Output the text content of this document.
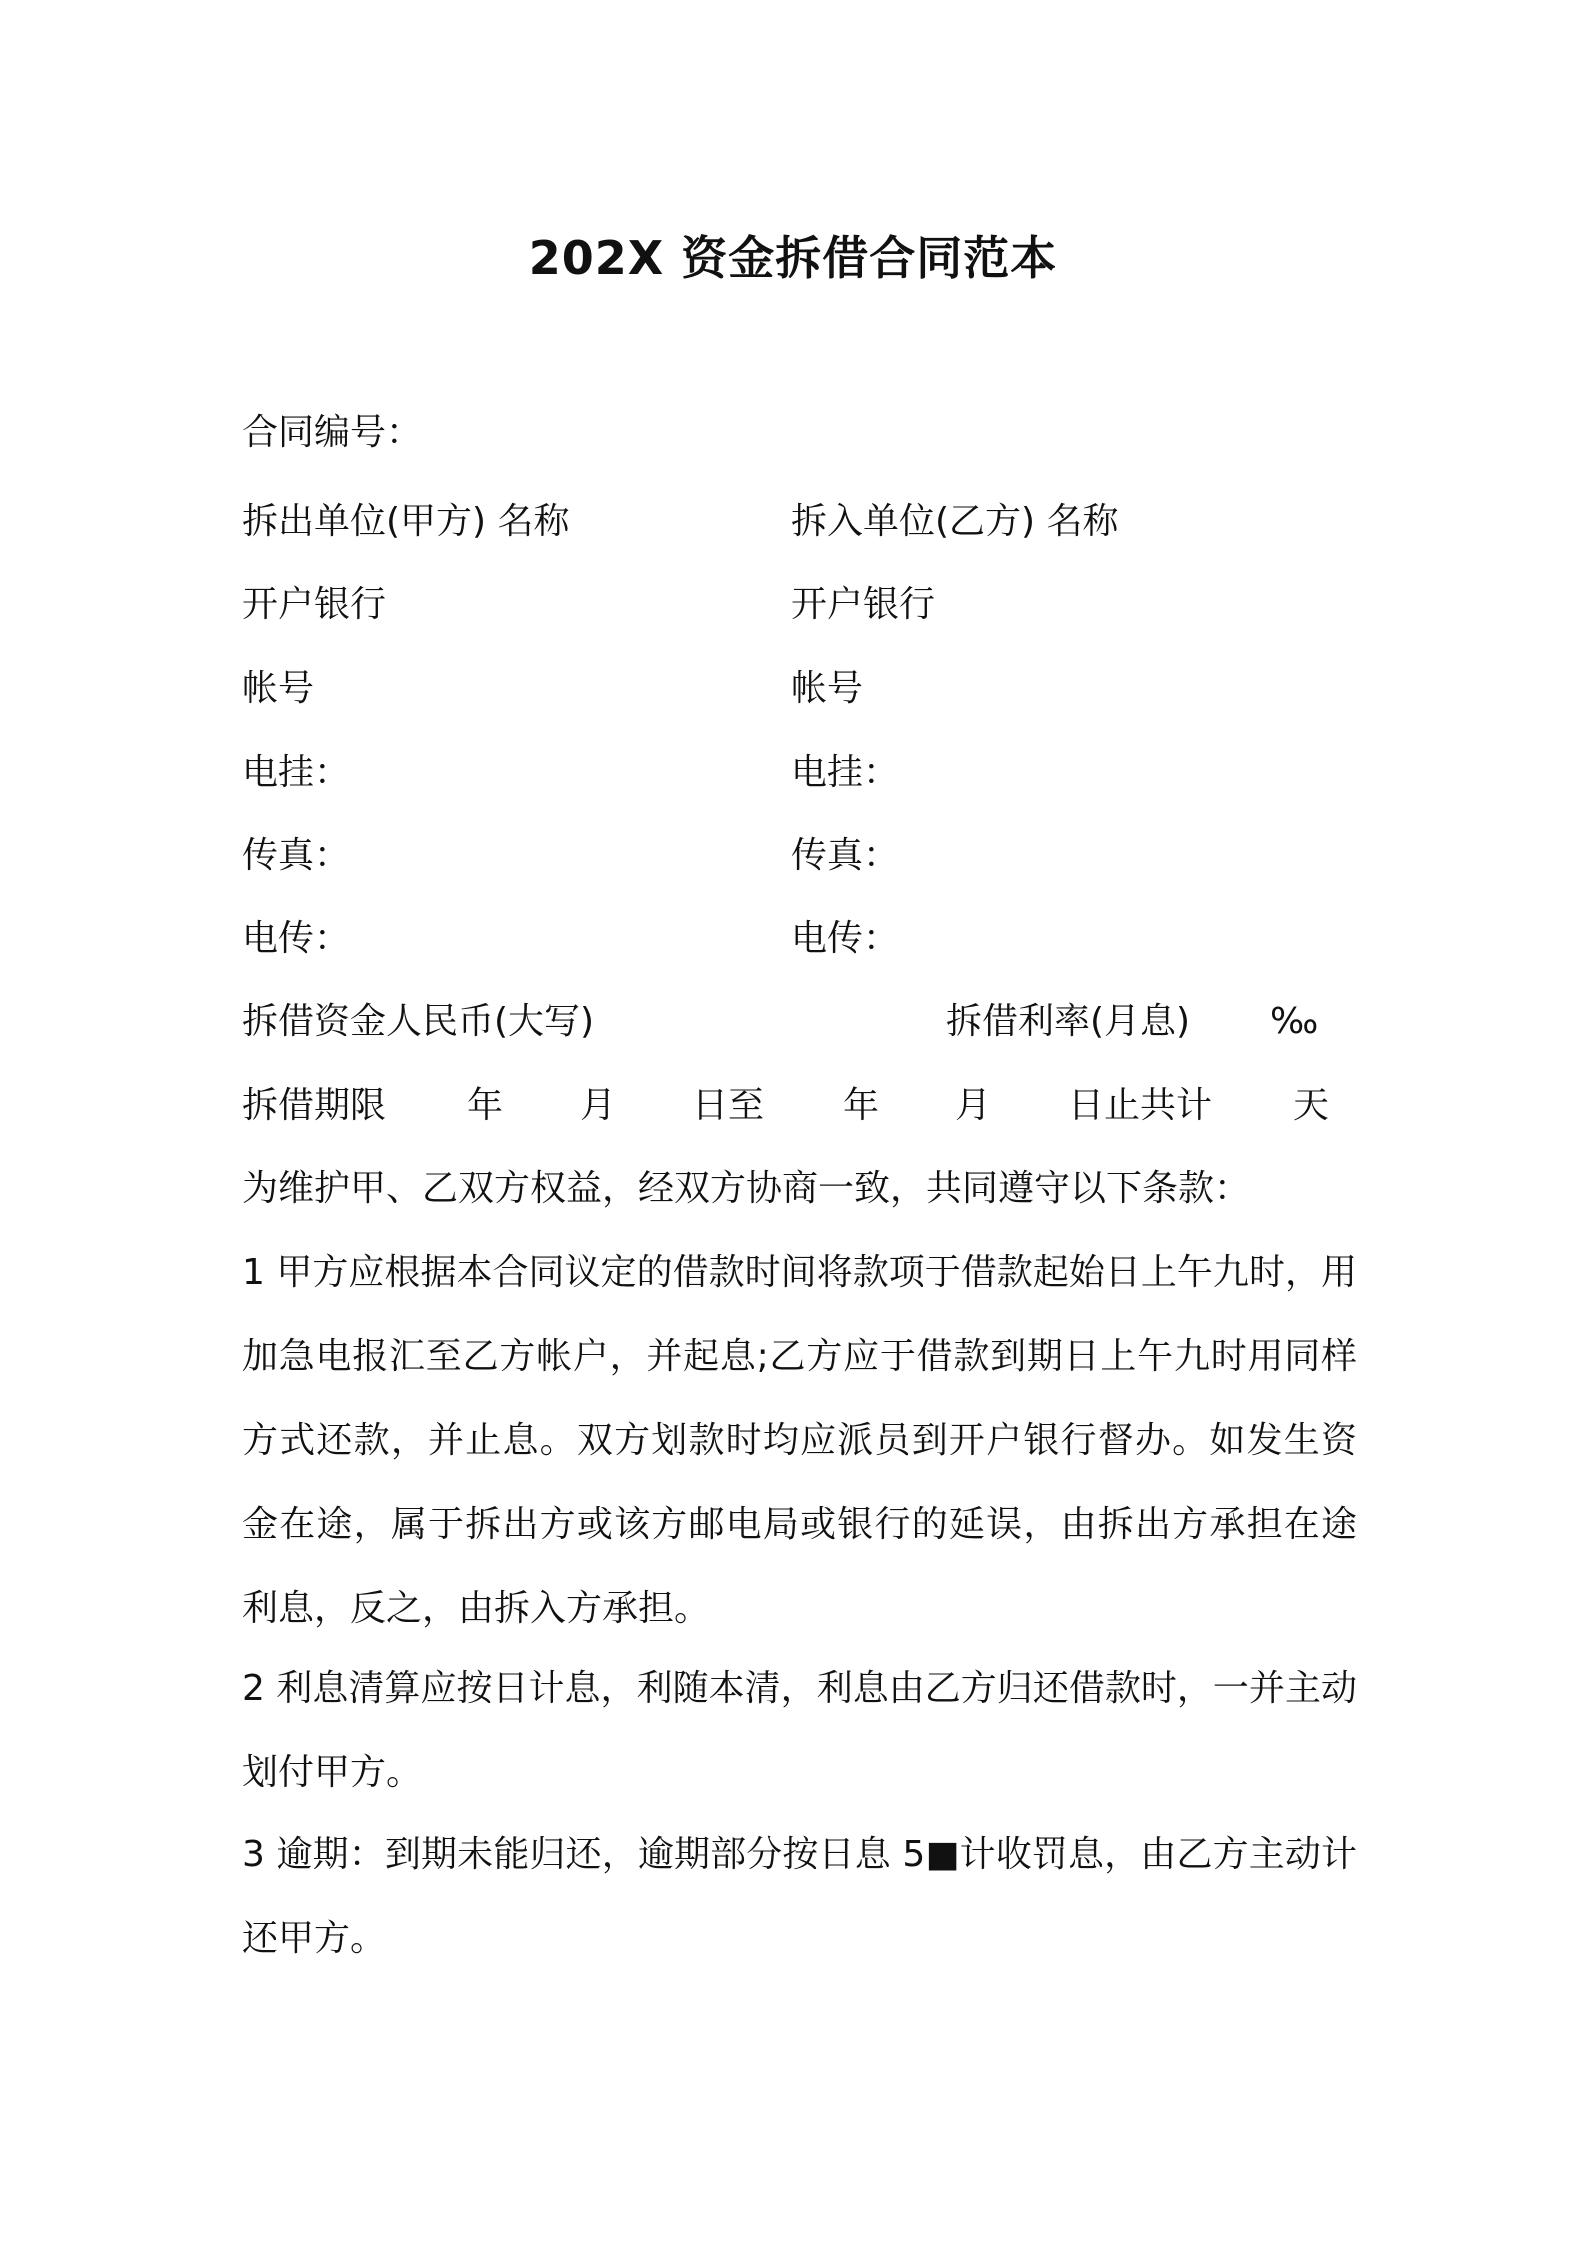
202X 资金拆借合同范本
合同编号：
拆出单位(甲方) 名称	拆入单位(乙方) 名称
开户银行	开户银行
帐号	帐号
电挂：	电挂：
传真：	传真：
电传：	电传：
拆借资金人民币(大写)	拆借利率(月息) ‰
拆借期限 年 月 日至 年 月 日止共计 天
为维护甲、乙双方权益，经双方协商一致，共同遵守以下条款：
1 甲方应根据本合同议定的借款时间将款项于借款起始日上午九时，用加急电报汇至乙方帐户，并起息;乙方应于借款到期日上午九时用同样方式还款，并止息。双方划款时均应派员到开户银行督办。如发生资金在途，属于拆出方或该方邮电局或银行的延误，由拆出方承担在途利息，反之，由拆入方承担。
2 利息清算应按日计息，利随本清，利息由乙方归还借款时，一并主动划付甲方。
3 逾期：到期未能归还，逾期部分按日息 5■计收罚息，由乙方主动计还甲方。
